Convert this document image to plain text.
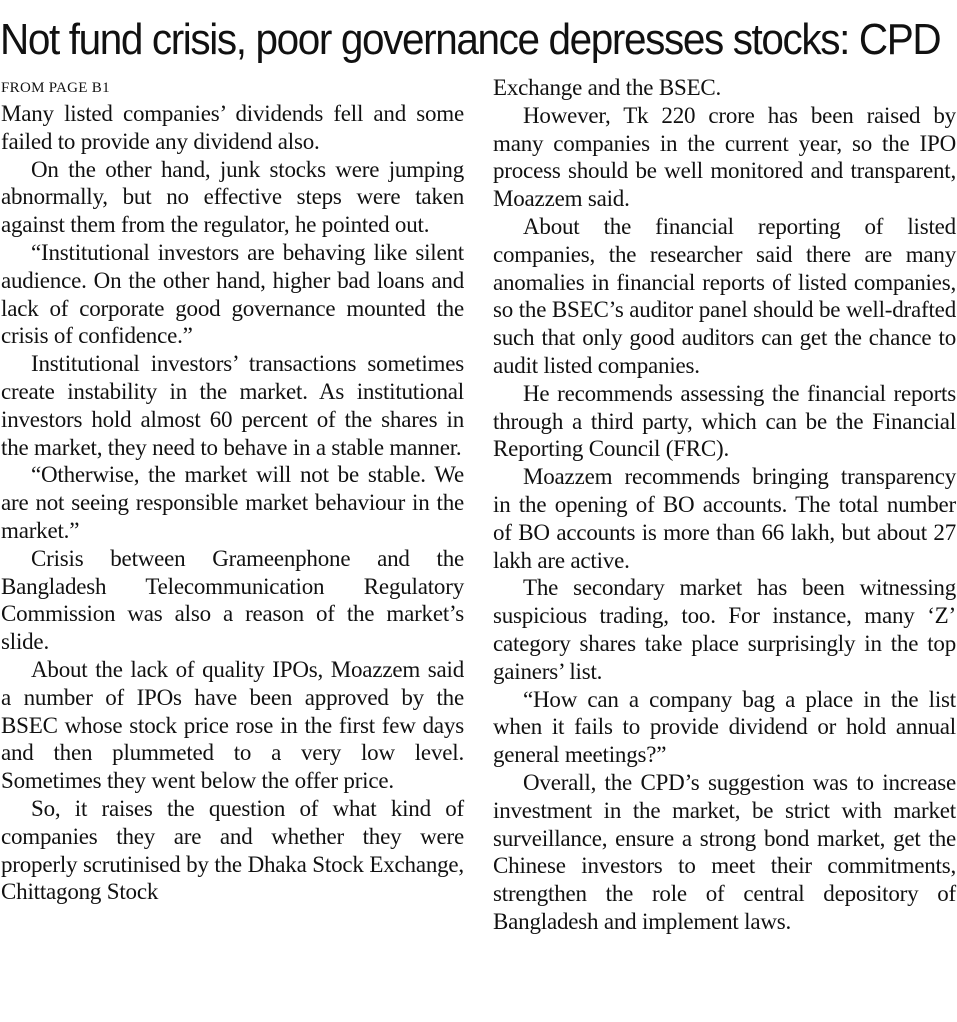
Not fund crisis, poor governance depresses stocks: CPD
FROM PAGE B1

Many listed companies’ dividends fell and some failed to provide any dividend also.

On the other hand, junk stocks were jumping abnormally, but no effective steps were taken against them from the regulator, he pointed out.

“Institutional investors are behaving like silent audience. On the other hand, higher bad loans and lack of corporate good governance mounted the crisis of confidence.”

Institutional investors’ transactions sometimes create instability in the market. As institutional investors hold almost 60 percent of the shares in the market, they need to behave in a stable manner.

“Otherwise, the market will not be stable. We are not seeing responsible market behaviour in the market.”

Crisis between Grameenphone and the Bangladesh Telecommunication Regulatory Commission was also a reason of the market’s slide.

About the lack of quality IPOs, Moazzem said a number of IPOs have been approved by the BSEC whose stock price rose in the first few days and then plummeted to a very low level. Sometimes they went below the offer price.

So, it raises the question of what kind of companies they are and whether they were properly scrutinised by the Dhaka Stock Exchange, Chittagong Stock

Exchange and the BSEC.

However, Tk 220 crore has been raised by many companies in the current year, so the IPO process should be well monitored and transparent, Moazzem said.

About the financial reporting of listed companies, the researcher said there are many anomalies in financial reports of listed companies, so the BSEC’s auditor panel should be well-drafted such that only good auditors can get the chance to audit listed companies.

He recommends assessing the financial reports through a third party, which can be the Financial Reporting Council (FRC).

Moazzem recommends bringing transparency in the opening of BO accounts. The total number of BO accounts is more than 66 lakh, but about 27 lakh are active.

The secondary market has been witnessing suspicious trading, too. For instance, many ‘Z’ category shares take place surprisingly in the top gainers’ list.

“How can a company bag a place in the list when it fails to provide dividend or hold annual general meetings?”

Overall, the CPD’s suggestion was to increase investment in the market, be strict with market surveillance, ensure a strong bond market, get the Chinese investors to meet their commitments, strengthen the role of central depository of Bangladesh and implement laws.
